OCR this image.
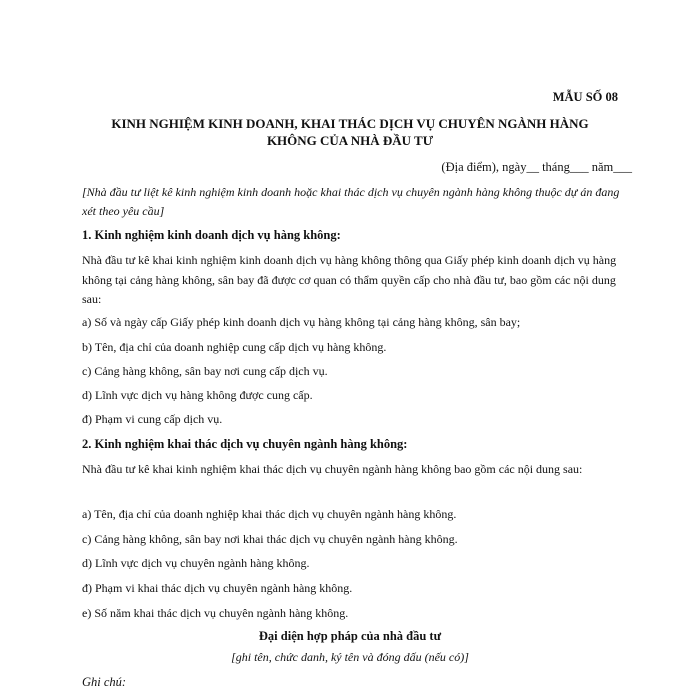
MẪU SỐ 08
KINH NGHIỆM KINH DOANH, KHAI THÁC DỊCH VỤ CHUYÊN NGÀNH HÀNG
KHÔNG CỦA NHÀ ĐẦU TƯ
(Địa điểm), ngày__ tháng___ năm___
[Nhà đầu tư liệt kê kinh nghiệm kinh doanh hoặc khai thác dịch vụ chuyên ngành hàng không thuộc dự án đang xét theo yêu cầu]
1. Kinh nghiệm kinh doanh dịch vụ hàng không:
Nhà đầu tư kê khai kinh nghiệm kinh doanh dịch vụ hàng không thông qua Giấy phép kinh doanh dịch vụ hàng không tại cảng hàng không, sân bay đã được cơ quan có thẩm quyền cấp cho nhà đầu tư, bao gồm các nội dung sau:
a) Số và ngày cấp Giấy phép kinh doanh dịch vụ hàng không tại cảng hàng không, sân bay;
b) Tên, địa chỉ của doanh nghiệp cung cấp dịch vụ hàng không.
c) Cảng hàng không, sân bay nơi cung cấp dịch vụ.
d) Lĩnh vực dịch vụ hàng không được cung cấp.
đ) Phạm vi cung cấp dịch vụ.
2. Kinh nghiệm khai thác dịch vụ chuyên ngành hàng không:
Nhà đầu tư kê khai kinh nghiệm khai thác dịch vụ chuyên ngành hàng không bao gồm các nội dung sau:
a) Tên, địa chỉ của doanh nghiệp khai thác dịch vụ chuyên ngành hàng không.
c) Cảng hàng không, sân bay nơi khai thác dịch vụ chuyên ngành hàng không.
d) Lĩnh vực dịch vụ chuyên ngành hàng không.
đ) Phạm vi khai thác dịch vụ chuyên ngành hàng không.
e) Số năm khai thác dịch vụ chuyên ngành hàng không.
Đại diện hợp pháp của nhà đầu tư
[ghi tên, chức danh, ký tên và đóng dấu (nếu có)]
Ghi chú:
